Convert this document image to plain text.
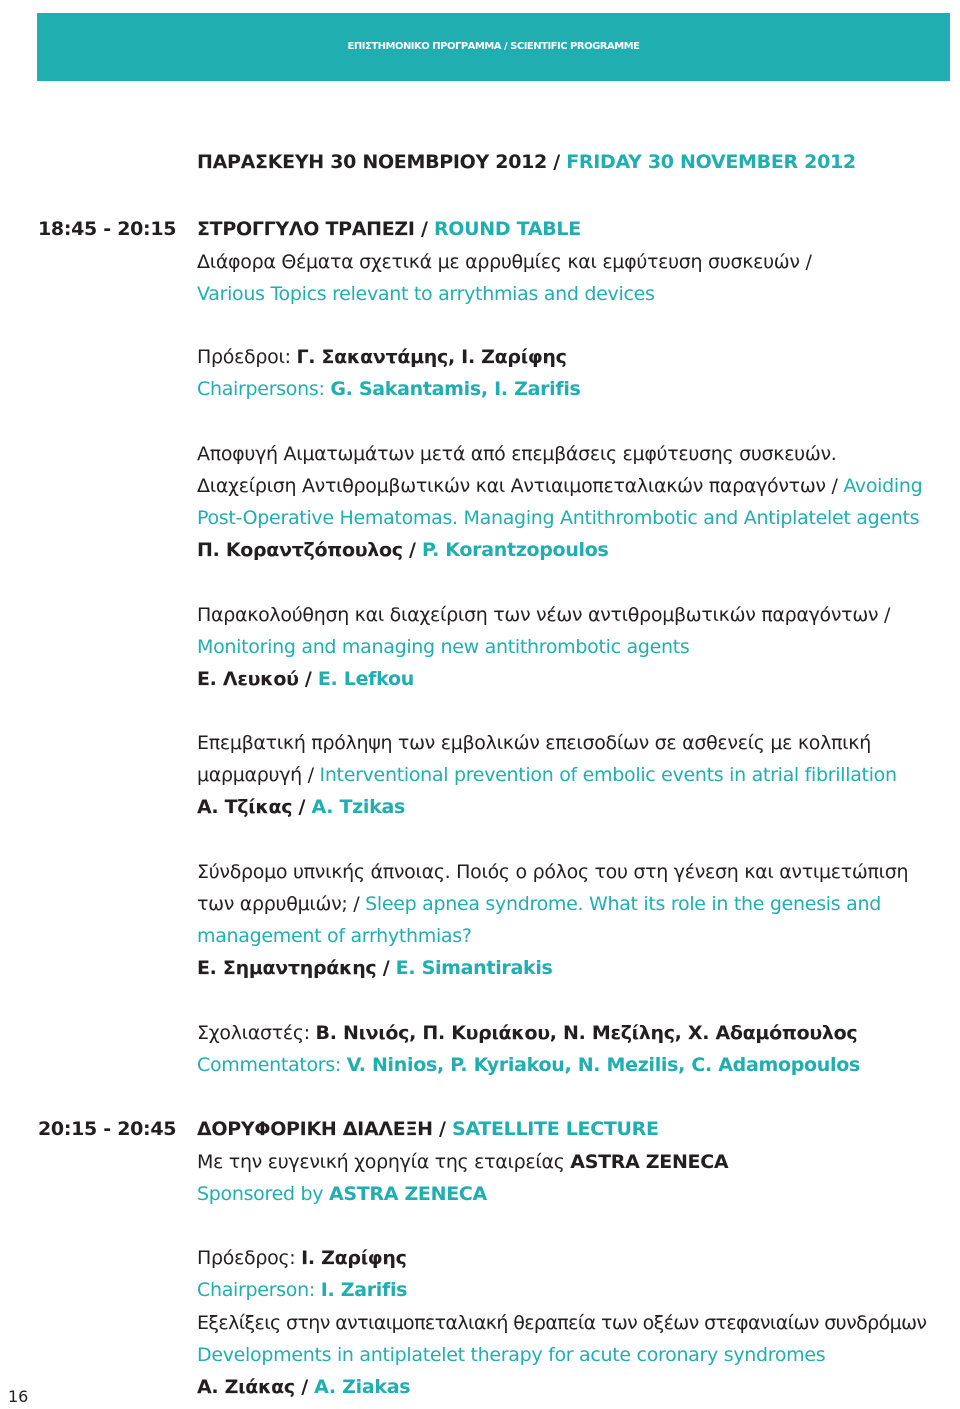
ΕΠΙΣΤΗΜΟΝΙΚΟ ΠΡΟΓΡΑΜΜΑ / SCIENTIFIC PROGRAMME
ΠΑΡΑΣΚΕΥΗ 30 ΝΟΕΜΒΡΙΟΥ 2012 / FRIDAY 30 NOVEMBER 2012
18:45 - 20:15 ΣΤΡΟΓΓΥΛΟ ΤΡΑΠΕΖΙ / ROUND TABLE
Διάφορα Θέματα σχετικά με αρρυθμίες και εμφύτευση συσκευών /
Various Topics relevant to arrythmias and devices
Πρόεδροι: Γ. Σακαντάμης, Ι. Ζαρίφης
Chairpersons: G. Sakantamis, I. Zarifis
Αποφυγή Αιματωμάτων μετά από επεμβάσεις εμφύτευσης συσκευών.
Διαχείριση Αντιθρομβωτικών και Αντιαιμοπεταλιακών παραγόντων / Avoiding
Post-Operative Hematomas. Managing Antithrombotic and Antiplatelet agents
Π. Κοραντζόπουλος / P. Korantzopoulos
Παρακολούθηση και διαχείριση των νέων αντιθρομβωτικών παραγόντων /
Monitoring and managing new antithrombotic agents
Ε. Λευκού / E. Lefkou
Επεμβατική πρόληψη των εμβολικών επεισοδίων σε ασθενείς με κολπική
μαρμαρυγή / Interventional prevention of embolic events in atrial fibrillation
Α. Τζίκας / A. Tzikas
Σύνδρομο υπνικής άπνοιας. Ποιός ο ρόλος του στη γένεση και αντιμετώπιση
των αρρυθμιών; / Sleep apnea syndrome. What its role in the genesis and
management of arrhythmias?
Ε. Σημαντηράκης / E. Simantirakis
Σχολιαστές: Β. Νινιός, Π. Κυριάκου, Ν. Μεζίλης, Χ. Αδαμόπουλος
Commentators: V. Ninios, P. Kyriakou, N. Mezilis, C. Adamopoulos
20:15 - 20:45 ΔΟΡΥΦΟΡΙΚΗ ΔΙΑΛΕΞΗ / SATELLITE LECTURE
Με την ευγενική χορηγία της εταιρείας ASTRA ZENECA
Sponsored by ASTRA ZENECA
Πρόεδρος: Ι. Ζαρίφης
Chairperson: I. Zarifis
Εξελίξεις στην αντιαιμοπεταλιακή θεραπεία των οξέων στεφανιαίων συνδρόμων
Developments in antiplatelet therapy for acute coronary syndromes
Α. Ζιάκας / A. Ziakas
16
